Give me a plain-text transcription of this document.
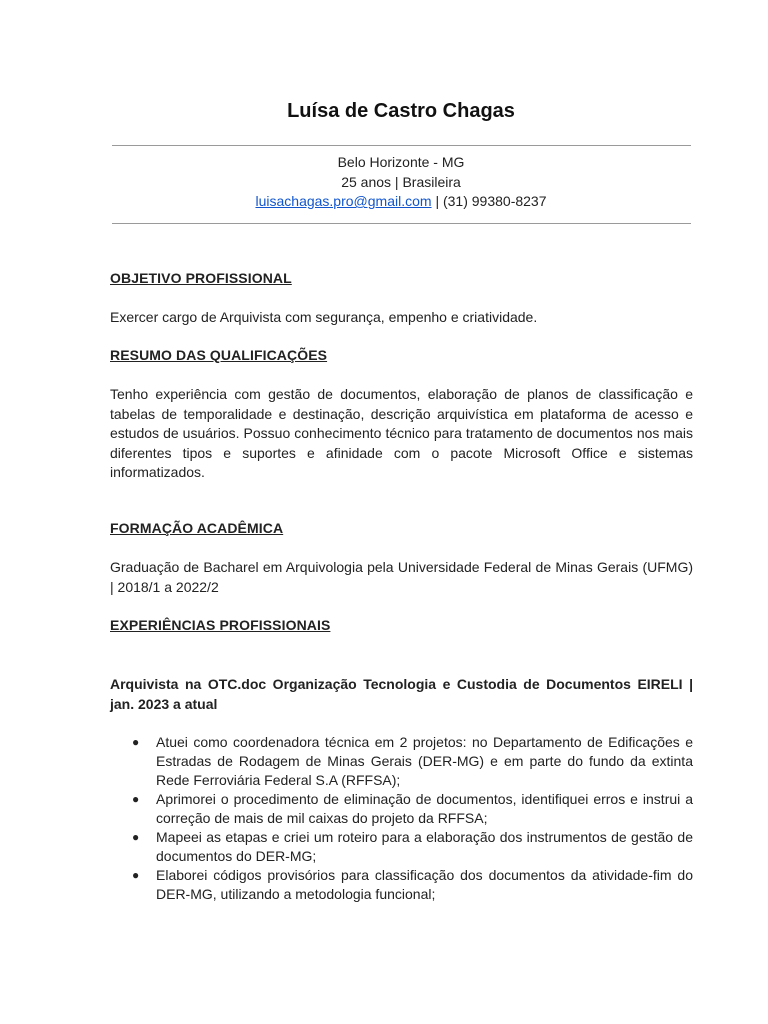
Luísa de Castro Chagas
Belo Horizonte - MG
25 anos | Brasileira
luisachagas.pro@gmail.com | (31) 99380-8237
OBJETIVO PROFISSIONAL
Exercer cargo de Arquivista com segurança, empenho e criatividade.
RESUMO DAS QUALIFICAÇÕES
Tenho experiência com gestão de documentos, elaboração de planos de classificação e tabelas de temporalidade e destinação, descrição arquivística em plataforma de acesso e estudos de usuários. Possuo conhecimento técnico para tratamento de documentos nos mais diferentes tipos e suportes e afinidade com o pacote Microsoft Office e sistemas informatizados.
FORMAÇÃO ACADÊMICA
Graduação de Bacharel em Arquivologia pela Universidade Federal de Minas Gerais (UFMG) | 2018/1 a 2022/2
EXPERIÊNCIAS PROFISSIONAIS
Arquivista na OTC.doc Organização Tecnologia e Custodia de Documentos EIRELI | jan. 2023 a atual
● Atuei como coordenadora técnica em 2 projetos: no Departamento de Edificações e Estradas de Rodagem de Minas Gerais (DER-MG) e em parte do fundo da extinta Rede Ferroviária Federal S.A (RFFSA);
● Aprimorei o procedimento de eliminação de documentos, identifiquei erros e instrui a correção de mais de mil caixas do projeto da RFFSA;
● Mapeei as etapas e criei um roteiro para a elaboração dos instrumentos de gestão de documentos do DER-MG;
● Elaborei códigos provisórios para classificação dos documentos da atividade-fim do DER-MG, utilizando a metodologia funcional;
